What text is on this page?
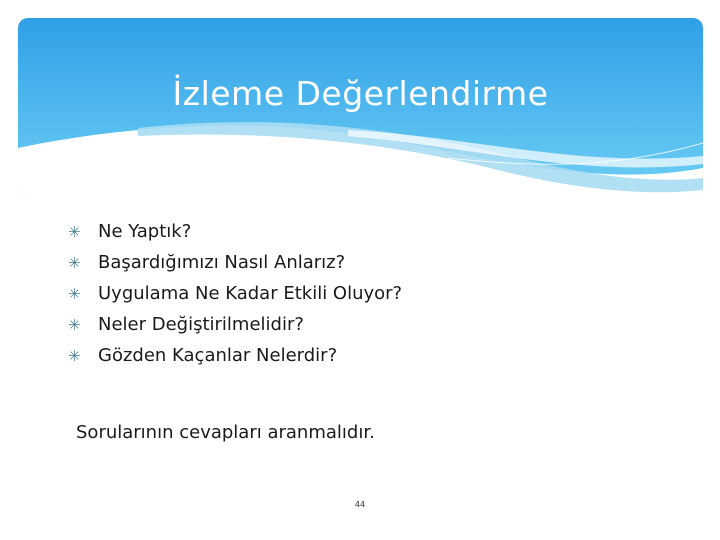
İzleme Değerlendirme
✳ Ne Yaptık?
✳ Başardığımızı Nasıl Anlarız?
✳ Uygulama Ne Kadar Etkili Oluyor?
✳ Neler Değiştirilmelidir?
✳ Gözden Kaçanlar Nelerdir?
Sorularının cevapları aranmalıdır.
44
